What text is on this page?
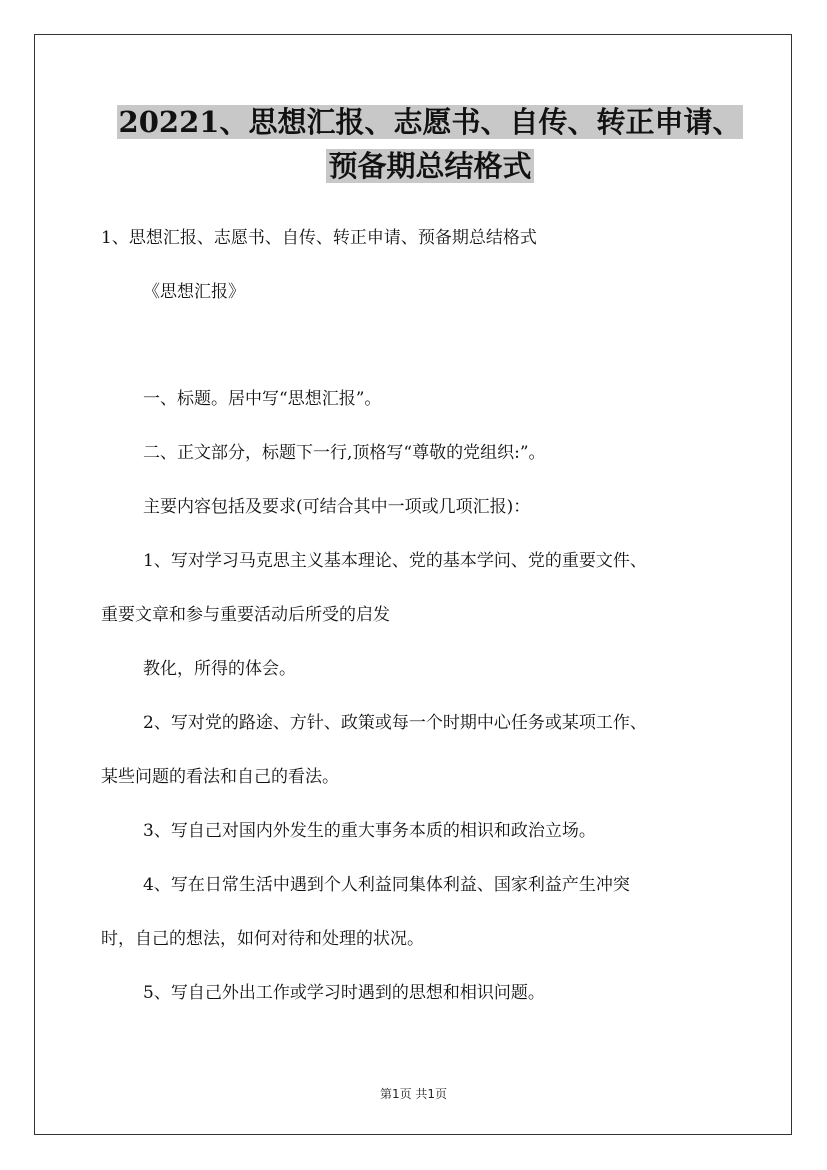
20221、思想汇报、志愿书、自传、转正申请、
预备期总结格式
1、思想汇报、志愿书、自传、转正申请、预备期总结格式
《思想汇报》
一、标题。居中写“思想汇报”。
二、正文部分，标题下一行,顶格写“尊敬的党组织:”。
主要内容包括及要求(可结合其中一项或几项汇报)：
1、写对学习马克思主义基本理论、党的基本学问、党的重要文件、
重要文章和参与重要活动后所受的启发
教化，所得的体会。
2、写对党的路途、方针、政策或每一个时期中心任务或某项工作、
某些问题的看法和自己的看法。
3、写自己对国内外发生的重大事务本质的相识和政治立场。
4、写在日常生活中遇到个人利益同集体利益、国家利益产生冲突
时，自己的想法，如何对待和处理的状况。
5、写自己外出工作或学习时遇到的思想和相识问题。
第1页 共1页
